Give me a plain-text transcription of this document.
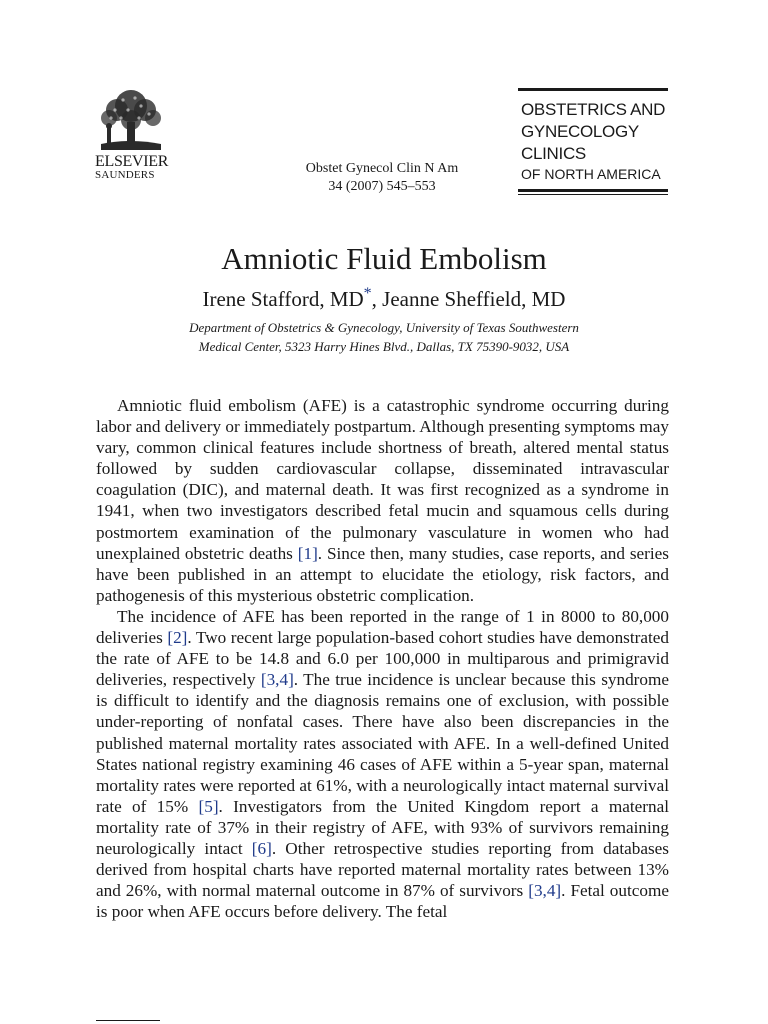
ELSEVIER
SAUNDERS	Obstet Gynecol Clin N Am
34 (2007) 545–553
OBSTETRICS AND
GYNECOLOGY
CLINICS
OF NORTH AMERICA
Amniotic Fluid Embolism
Irene Stafford, MD*, Jeanne Sheffield, MD
Department of Obstetrics & Gynecology, University of Texas Southwestern
Medical Center, 5323 Harry Hines Blvd., Dallas, TX 75390-9032, USA

Amniotic fluid embolism (AFE) is a catastrophic syndrome occurring during labor and delivery or immediately postpartum. Although presenting symptoms may vary, common clinical features include shortness of breath, altered mental status followed by sudden cardiovascular collapse, disseminated intravascular coagulation (DIC), and maternal death. It was first recognized as a syndrome in 1941, when two investigators described fetal mucin and squamous cells during postmortem examination of the pulmonary vasculature in women who had unexplained obstetric deaths [1]. Since then, many studies, case reports, and series have been published in an attempt to elucidate the etiology, risk factors, and pathogenesis of this mysterious obstetric complication.

The incidence of AFE has been reported in the range of 1 in 8000 to 80,000 deliveries [2]. Two recent large population-based cohort studies have demonstrated the rate of AFE to be 14.8 and 6.0 per 100,000 in multiparous and primigravid deliveries, respectively [3,4]. The true incidence is unclear because this syndrome is difficult to identify and the diagnosis remains one of exclusion, with possible under-reporting of nonfatal cases. There have also been discrepancies in the published maternal mortality rates associated with AFE. In a well-defined United States national registry examining 46 cases of AFE within a 5-year span, maternal mortality rates were reported at 61%, with a neurologically intact maternal survival rate of 15% [5]. Investigators from the United Kingdom report a maternal mortality rate of 37% in their registry of AFE, with 93% of survivors remaining neurologically intact [6]. Other retrospective studies reporting from databases derived from hospital charts have reported maternal mortality rates between 13% and 26%, with normal maternal outcome in 87% of survivors [3,4]. Fetal outcome is poor when AFE occurs before delivery. The fetal
